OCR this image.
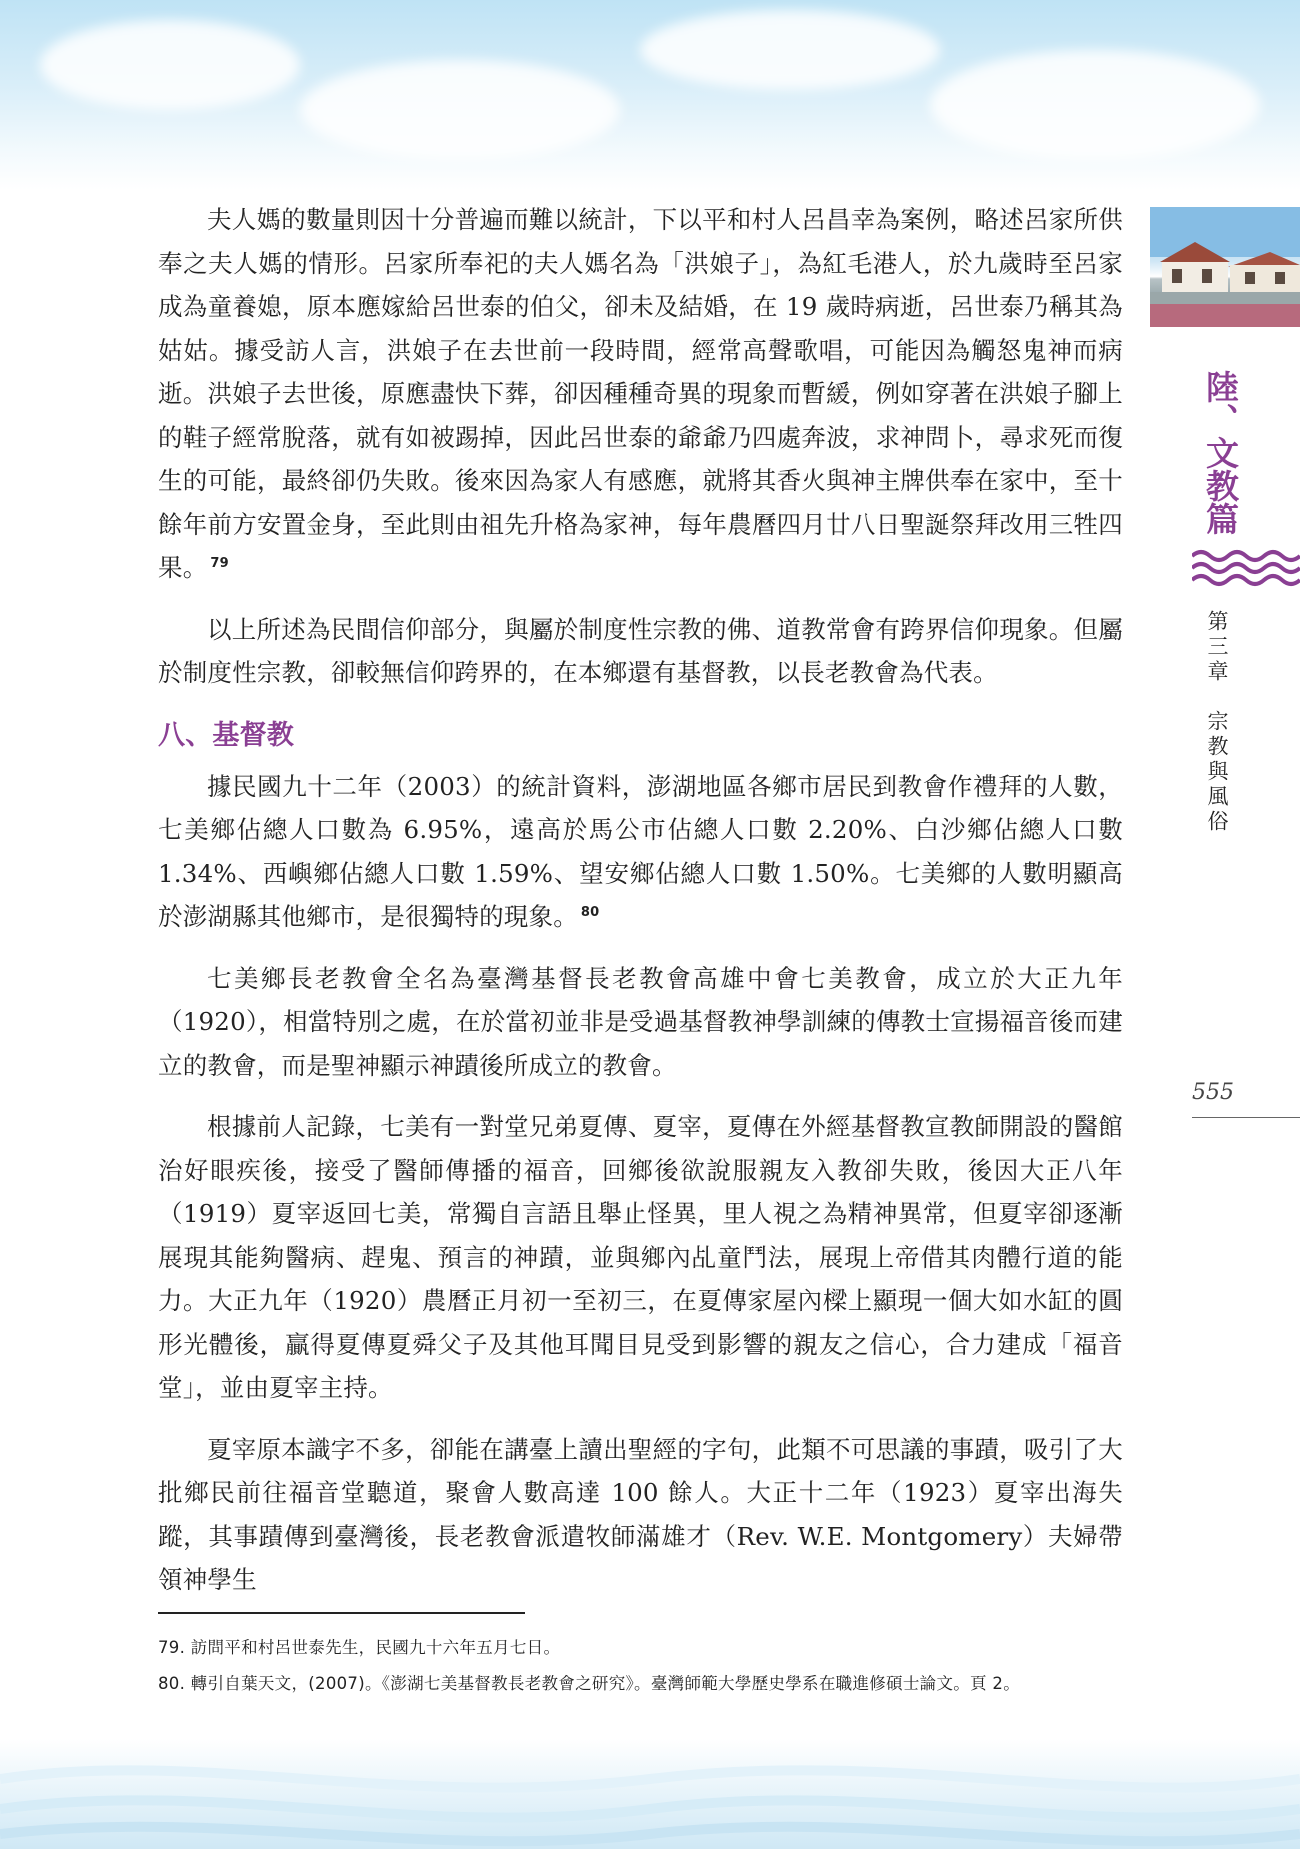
夫人媽的數量則因十分普遍而難以統計，下以平和村人呂昌幸為案例，略述呂家所供奉之夫人媽的情形。呂家所奉祀的夫人媽名為「洪娘子」，為紅毛港人，於九歲時至呂家成為童養媳，原本應嫁給呂世泰的伯父，卻未及結婚，在 19 歲時病逝，呂世泰乃稱其為姑姑。據受訪人言，洪娘子在去世前一段時間，經常高聲歌唱，可能因為觸怒鬼神而病逝。洪娘子去世後，原應盡快下葬，卻因種種奇異的現象而暫緩，例如穿著在洪娘子腳上的鞋子經常脫落，就有如被踢掉，因此呂世泰的爺爺乃四處奔波，求神問卜，尋求死而復生的可能，最終卻仍失敗。後來因為家人有感應，就將其香火與神主牌供奉在家中，至十餘年前方安置金身，至此則由祖先升格為家神，每年農曆四月廿八日聖誕祭拜改用三牲四果。 $^{79}$

以上所述為民間信仰部分，與屬於制度性宗教的佛、道教常會有跨界信仰現象。但屬於制度性宗教，卻較無信仰跨界的，在本鄉還有基督教，以長老教會為代表。

八、基督教

據民國九十二年（2003）的統計資料，澎湖地區各鄉市居民到教會作禮拜的人數，七美鄉佔總人口數為 6.95%，遠高於馬公市佔總人口數 2.20%、白沙鄉佔總人口數 1.34%、西嶼鄉佔總人口數 1.59%、望安鄉佔總人口數 1.50%。七美鄉的人數明顯高於澎湖縣其他鄉市，是很獨特的現象。 $^{80}$

七美鄉長老教會全名為臺灣基督長老教會高雄中會七美教會，成立於大正九年（1920），相當特別之處，在於當初並非是受過基督教神學訓練的傳教士宣揚福音後而建立的教會，而是聖神顯示神蹟後所成立的教會。

根據前人記錄，七美有一對堂兄弟夏傳、夏宰，夏傳在外經基督教宣教師開設的醫館治好眼疾後，接受了醫師傳播的福音，回鄉後欲說服親友入教卻失敗，後因大正八年（1919）夏宰返回七美，常獨自言語且舉止怪異，里人視之為精神異常，但夏宰卻逐漸展現其能夠醫病、趕鬼、預言的神蹟，並與鄉內乩童鬥法，展現上帝借其肉體行道的能力。大正九年（1920）農曆正月初一至初三，在夏傳家屋內樑上顯現一個大如水缸的圓形光體後，贏得夏傳夏舜父子及其他耳聞目見受到影響的親友之信心，合力建成「福音堂」，並由夏宰主持。

夏宰原本識字不多，卻能在講臺上讀出聖經的字句，此類不可思議的事蹟，吸引了大批鄉民前往福音堂聽道，聚會人數高達 100 餘人。大正十二年（1923）夏宰出海失蹤，其事蹟傳到臺灣後，長老教會派遣牧師滿雄才（Rev. W.E. Montgomery）夫婦帶領神學生

陸、文教篇
第三章　宗教與風俗
555
79. 訪問平和村呂世泰先生，民國九十六年五月七日。
80. 轉引自葉天文，(2007)。《澎湖七美基督教長老教會之研究》。臺灣師範大學歷史學系在職進修碩士論文。頁 2。
